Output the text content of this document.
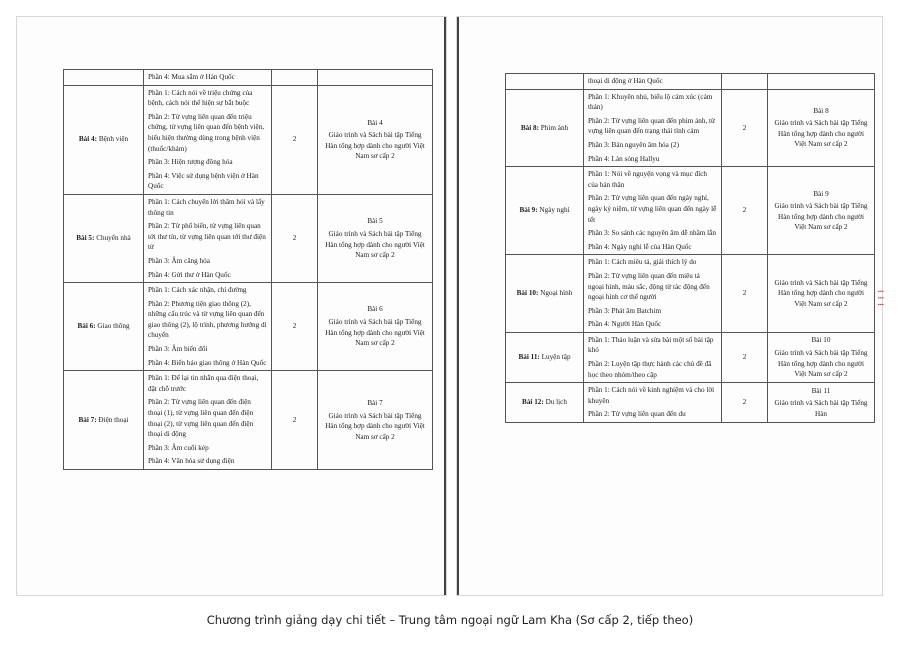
	Phần 4: Mua sắm ở Hàn Quốc		

Bài 4: Bệnh viện	Phần 1: Cách nói về triệu chứng của bệnh, cách nói thể hiện sự bắt buộc
Phần 2: Từ vựng liên quan đến triệu chứng, từ vựng liên quan đến bệnh viện, biểu hiện thường dùng trong bệnh viện (thuốc/khám)
Phần 3: Hiện tượng đồng hóa
Phần 4: Việc sử dụng bệnh viện ở Hàn Quốc	2	Bài 4
Giáo trình và Sách bài tập Tiếng Hàn tổng hợp dành cho người Việt Nam sơ cấp 2

Bài 5: Chuyển nhà	Phần 1: Cách chuyển lời thăm hỏi và lấy thông tin
Phần 2: Từ phổ biến, từ vựng liên quan tới thư tín, từ vựng liên quan tới thư điện tử
Phần 3: Âm căng hóa
Phần 4: Gửi thư ở Hàn Quốc	2	Bài 5
Giáo trình và Sách bài tập Tiếng Hàn tổng hợp dành cho người Việt Nam sơ cấp 2

Bài 6: Giao thông	Phần 1: Cách xác nhận, chỉ đường
Phần 2: Phương tiện giao thông (2), những cấu trúc và từ vựng liên quan đến giao thông (2), lộ trình, phương hướng di chuyển
Phần 3: Âm biến đổi
Phần 4: Biển báo giao thông ở Hàn Quốc	2	Bài 6
Giáo trình và Sách bài tập Tiếng Hàn tổng hợp dành cho người Việt Nam sơ cấp 2

Bài 7: Điện thoại	Phần 1: Để lại tin nhắn qua điện thoại, đặt chỗ trước
Phần 2: Từ vựng liên quan đến điện thoại (1), từ vựng liên quan đến điện thoại (2), từ vựng liên quan đến điện thoại di động
Phần 3: Âm cuối kép
Phần 4: Văn hóa sử dụng điện	2	Bài 7
Giáo trình và Sách bài tập Tiếng Hàn tổng hợp dành cho người Việt Nam sơ cấp 2

	thoại di động ở Hàn Quốc		

Bài 8: Phim ảnh	Phần 1: Khuyên nhủ, biểu lộ cảm xúc (cảm thán)
Phần 2: Từ vựng liên quan đến phim ảnh, từ vựng liên quan đến trạng thái tình cảm
Phần 3: Bản nguyên âm hóa (2)
Phần 4: Làn sóng Hallyu	2	Bài 8
Giáo trình và Sách bài tập Tiếng Hàn tổng hợp dành cho người Việt Nam sơ cấp 2

Bài 9: Ngày nghỉ	Phần 1: Nói về nguyện vọng và mục đích của bản thân
Phần 2: Từ vựng liên quan đến ngày nghỉ, ngày kỷ niệm, từ vựng liên quan đến ngày lễ tết
Phần 3: So sánh các nguyên âm dễ nhầm lẫn
Phần 4: Ngày nghỉ lễ của Hàn Quốc	2	Bài 9
Giáo trình và Sách bài tập Tiếng Hàn tổng hợp dành cho người Việt Nam sơ cấp 2

Bài 10: Ngoại hình	Phần 1: Cách miêu tả, giải thích lý do
Phần 2: Từ vựng liên quan đến miêu tả ngoại hình, màu sắc, động từ tác động đến ngoại hình cơ thể người
Phần 3: Phát âm Batchim
Phần 4: Người Hàn Quốc	2	Giáo trình và Sách bài tập Tiếng Hàn tổng hợp dành cho người Việt Nam sơ cấp 2

Bài 11: Luyện tập	Phần 1: Thảo luận và sửa bài một số bài tập khó
Phần 2: Luyện tập thực hành các chủ đề đã học theo nhóm/theo cặp	2	Bài 10
Giáo trình và Sách bài tập Tiếng Hàn tổng hợp dành cho người Việt Nam sơ cấp 2

Bài 12: Du lịch	Phần 1: Cách nói về kinh nghiệm và cho lời khuyên
Phần 2: Từ vựng liên quan đến du	2	Bài 11
Giáo trình và Sách bài tập Tiếng Hàn
⁝ ⁝ ⁝
Chương trình giảng dạy chi tiết – Trung tâm ngoại ngữ Lam Kha (Sơ cấp 2, tiếp theo)
